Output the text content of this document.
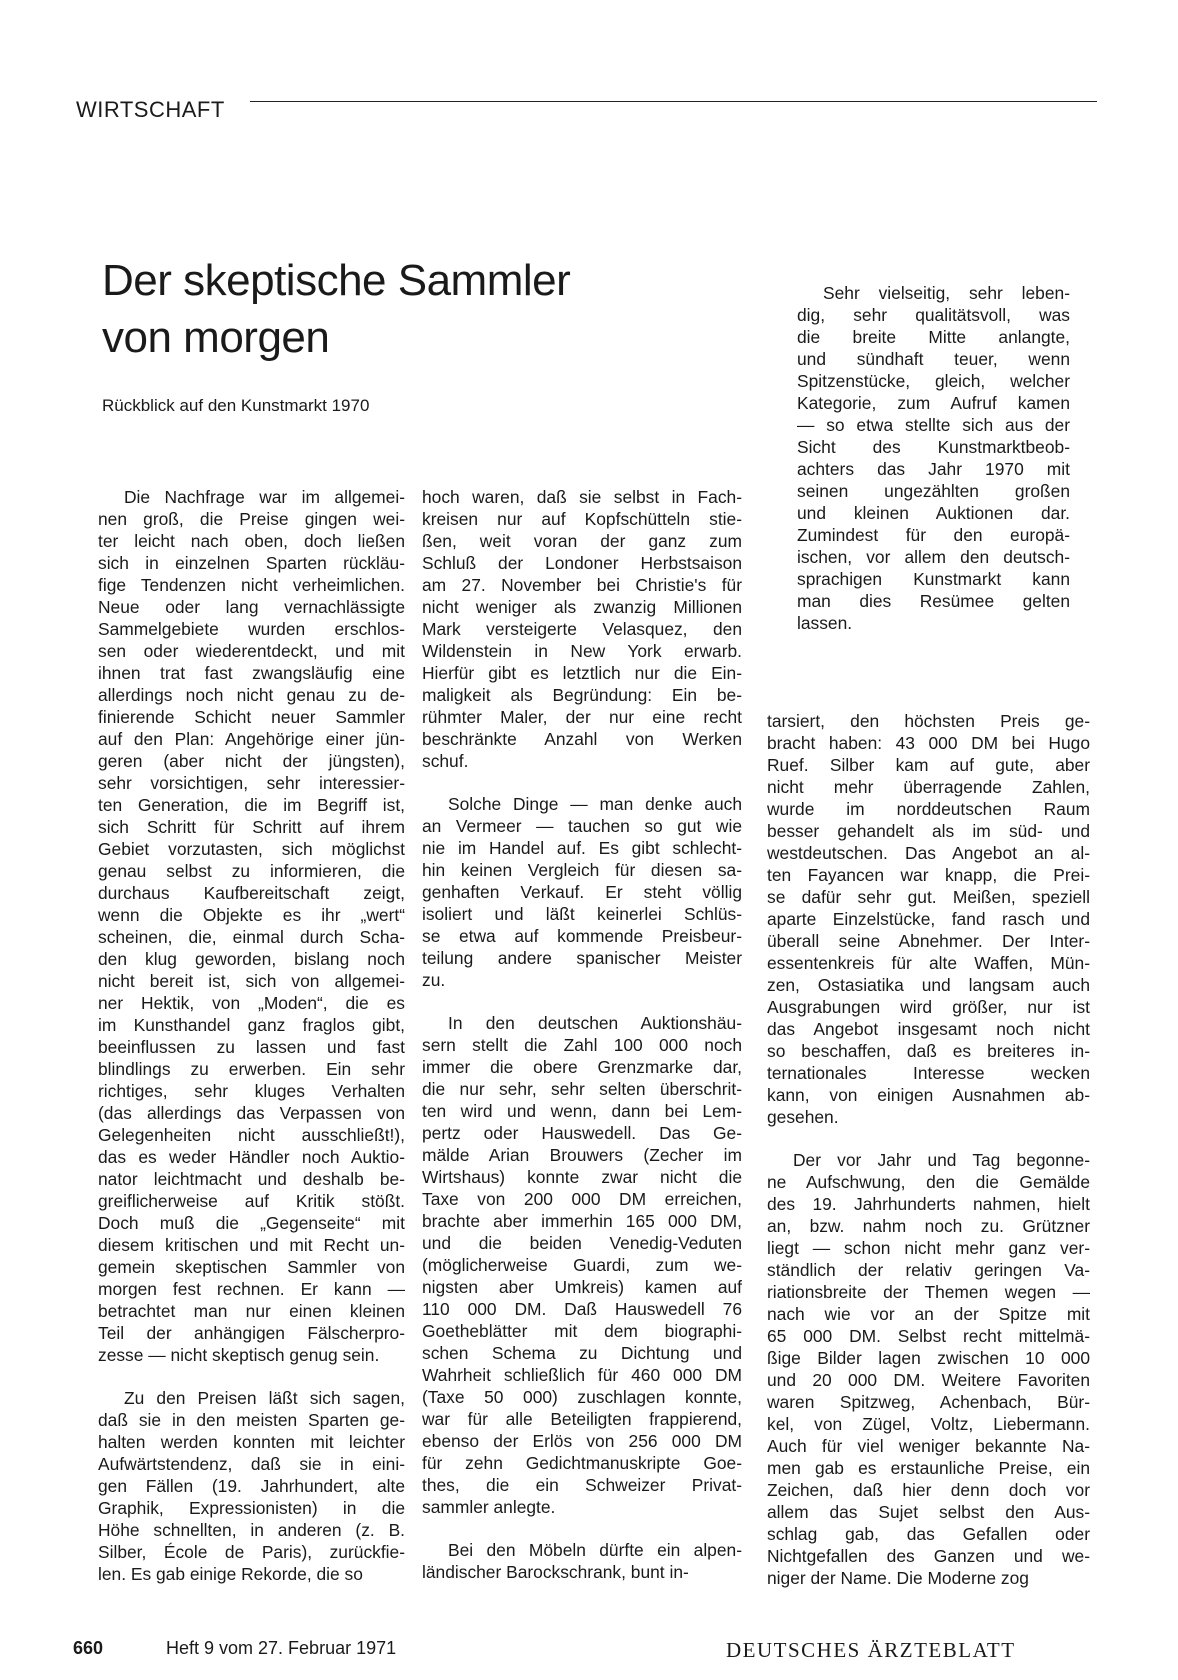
WIRTSCHAFT
Der skeptische Sammler
von morgen
Rückblick auf den Kunstmarkt 1970

Die Nachfrage war im allgemei-
nen groß, die Preise gingen wei-
ter leicht nach oben, doch ließen
sich in einzelnen Sparten rückläu-
fige Tendenzen nicht verheimlichen.
Neue oder lang vernachlässigte
Sammelgebiete wurden erschlos-
sen oder wiederentdeckt, und mit
ihnen trat fast zwangsläufig eine
allerdings noch nicht genau zu de-
finierende Schicht neuer Sammler
auf den Plan: Angehörige einer jün-
geren (aber nicht der jüngsten),
sehr vorsichtigen, sehr interessier-
ten Generation, die im Begriff ist,
sich Schritt für Schritt auf ihrem
Gebiet vorzutasten, sich möglichst
genau selbst zu informieren, die
durchaus Kaufbereitschaft zeigt,
wenn die Objekte es ihr „wert“
scheinen, die, einmal durch Scha-
den klug geworden, bislang noch
nicht bereit ist, sich von allgemei-
ner Hektik, von „Moden“, die es
im Kunsthandel ganz fraglos gibt,
beeinflussen zu lassen und fast
blindlings zu erwerben. Ein sehr
richtiges, sehr kluges Verhalten
(das allerdings das Verpassen von
Gelegenheiten nicht ausschließt!),
das es weder Händler noch Auktio-
nator leichtmacht und deshalb be-
greiflicherweise auf Kritik stößt.
Doch muß die „Gegenseite“ mit
diesem kritischen und mit Recht un-
gemein skeptischen Sammler von
morgen fest rechnen. Er kann —
betrachtet man nur einen kleinen
Teil der anhängigen Fälscherpro-
zesse — nicht skeptisch genug sein.

Zu den Preisen läßt sich sagen,
daß sie in den meisten Sparten ge-
halten werden konnten mit leichter
Aufwärtstendenz, daß sie in eini-
gen Fällen (19. Jahrhundert, alte
Graphik, Expressionisten) in die
Höhe schnellten, in anderen (z. B.
Silber, École de Paris), zurückfie-
len. Es gab einige Rekorde, die so

hoch waren, daß sie selbst in Fach-
kreisen nur auf Kopfschütteln stie-
ßen, weit voran der ganz zum
Schluß der Londoner Herbstsaison
am 27. November bei Christie's für
nicht weniger als zwanzig Millionen
Mark versteigerte Velasquez, den
Wildenstein in New York erwarb.
Hierfür gibt es letztlich nur die Ein-
maligkeit als Begründung: Ein be-
rühmter Maler, der nur eine recht
beschränkte Anzahl von Werken
schuf.

Solche Dinge — man denke auch
an Vermeer — tauchen so gut wie
nie im Handel auf. Es gibt schlecht-
hin keinen Vergleich für diesen sa-
genhaften Verkauf. Er steht völlig
isoliert und läßt keinerlei Schlüs-
se etwa auf kommende Preisbeur-
teilung andere spanischer Meister
zu.

In den deutschen Auktionshäu-
sern stellt die Zahl 100 000 noch
immer die obere Grenzmarke dar,
die nur sehr, sehr selten überschrit-
ten wird und wenn, dann bei Lem-
pertz oder Hauswedell. Das Ge-
mälde Arian Brouwers (Zecher im
Wirtshaus) konnte zwar nicht die
Taxe von 200 000 DM erreichen,
brachte aber immerhin 165 000 DM,
und die beiden Venedig-Veduten
(möglicherweise Guardi, zum we-
nigsten aber Umkreis) kamen auf
110 000 DM. Daß Hauswedell 76
Goetheblätter mit dem biographi-
schen Schema zu Dichtung und
Wahrheit schließlich für 460 000 DM
(Taxe 50 000) zuschlagen konnte,
war für alle Beteiligten frappierend,
ebenso der Erlös von 256 000 DM
für zehn Gedichtmanuskripte Goe-
thes, die ein Schweizer Privat-
sammler anlegte.

Bei den Möbeln dürfte ein alpen-
ländischer Barockschrank, bunt in-

Sehr vielseitig, sehr leben-
dig, sehr qualitätsvoll, was
die breite Mitte anlangte,
und sündhaft teuer, wenn
Spitzenstücke, gleich, welcher
Kategorie, zum Aufruf kamen
— so etwa stellte sich aus der
Sicht des Kunstmarktbeob-
achters das Jahr 1970 mit
seinen ungezählten großen
und kleinen Auktionen dar.
Zumindest für den europä-
ischen, vor allem den deutsch-
sprachigen Kunstmarkt kann
man dies Resümee gelten
lassen.

tarsiert, den höchsten Preis ge-
bracht haben: 43 000 DM bei Hugo
Ruef. Silber kam auf gute, aber
nicht mehr überragende Zahlen,
wurde im norddeutschen Raum
besser gehandelt als im süd- und
westdeutschen. Das Angebot an al-
ten Fayancen war knapp, die Prei-
se dafür sehr gut. Meißen, speziell
aparte Einzelstücke, fand rasch und
überall seine Abnehmer. Der Inter-
essentenkreis für alte Waffen, Mün-
zen, Ostasiatika und langsam auch
Ausgrabungen wird größer, nur ist
das Angebot insgesamt noch nicht
so beschaffen, daß es breiteres in-
ternationales Interesse wecken
kann, von einigen Ausnahmen ab-
gesehen.

Der vor Jahr und Tag begonne-
ne Aufschwung, den die Gemälde
des 19. Jahrhunderts nahmen, hielt
an, bzw. nahm noch zu. Grützner
liegt — schon nicht mehr ganz ver-
ständlich der relativ geringen Va-
riationsbreite der Themen wegen —
nach wie vor an der Spitze mit
65 000 DM. Selbst recht mittelmä-
ßige Bilder lagen zwischen 10 000
und 20 000 DM. Weitere Favoriten
waren Spitzweg, Achenbach, Bür-
kel, von Zügel, Voltz, Liebermann.
Auch für viel weniger bekannte Na-
men gab es erstaunliche Preise, ein
Zeichen, daß hier denn doch vor
allem das Sujet selbst den Aus-
schlag gab, das Gefallen oder
Nichtgefallen des Ganzen und we-
niger der Name. Die Moderne zog

660	Heft 9 vom 27. Februar 1971	DEUTSCHES ÄRZTEBLATT
